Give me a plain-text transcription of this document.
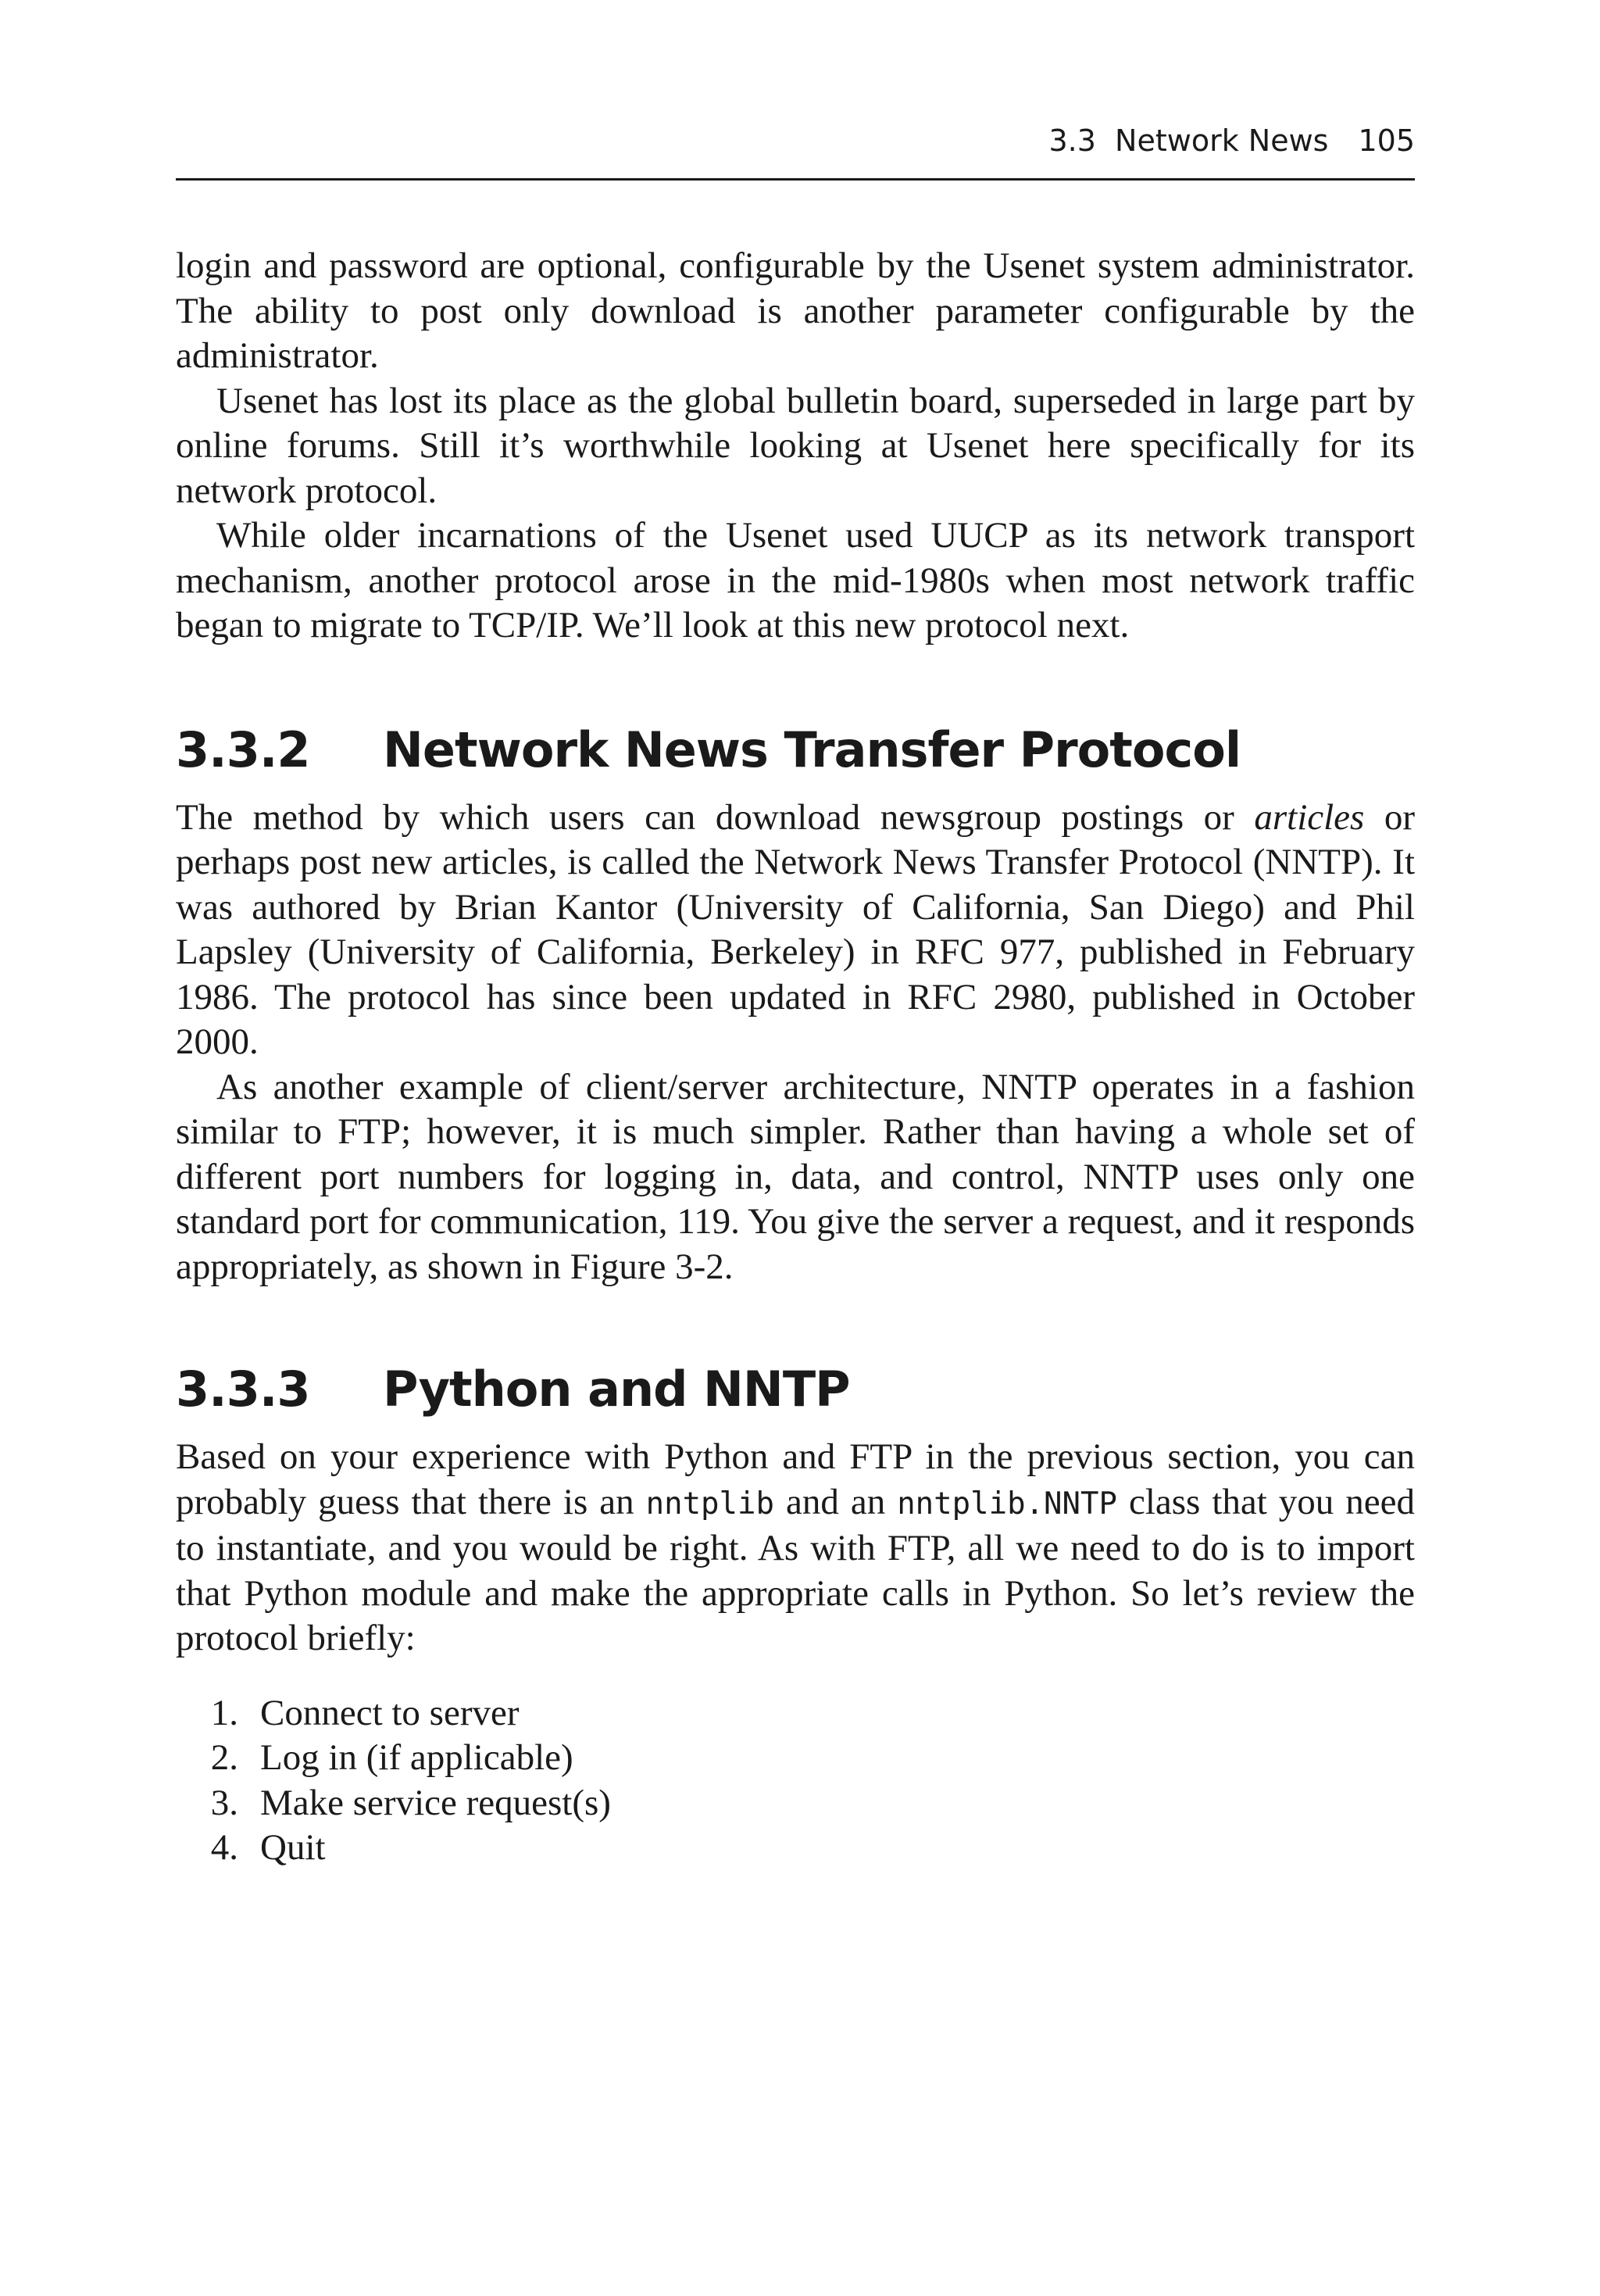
3.3  Network News 105

login and password are optional, configurable by the Usenet system administrator. The ability to post only download is another parameter configurable by the administrator.

Usenet has lost its place as the global bulletin board, superseded in large part by online forums. Still it’s worthwhile looking at Usenet here specifically for its network protocol.

While older incarnations of the Usenet used UUCP as its network transport mechanism, another protocol arose in the mid-1980s when most network traffic began to migrate to TCP/IP. We’ll look at this new protocol next.

3.3.2 Network News Transfer Protocol

The method by which users can download newsgroup postings or articles or perhaps post new articles, is called the Network News Transfer Protocol (NNTP). It was authored by Brian Kantor (University of California, San Diego) and Phil Lapsley (University of California, Berkeley) in RFC 977, published in February 1986. The protocol has since been updated in RFC 2980, published in October 2000.

As another example of client/server architecture, NNTP operates in a fashion similar to FTP; however, it is much simpler. Rather than having a whole set of different port numbers for logging in, data, and control, NNTP uses only one standard port for communication, 119. You give the server a request, and it responds appropriately, as shown in Figure 3-2.

3.3.3 Python and NNTP

Based on your experience with Python and FTP in the previous section, you can probably guess that there is an nntplib and an nntplib.NNTP class that you need to instantiate, and you would be right. As with FTP, all we need to do is to import that Python module and make the appropriate calls in Python. So let’s review the protocol briefly:

1. Connect to server
2. Log in (if applicable)
3. Make service request(s)
4. Quit
